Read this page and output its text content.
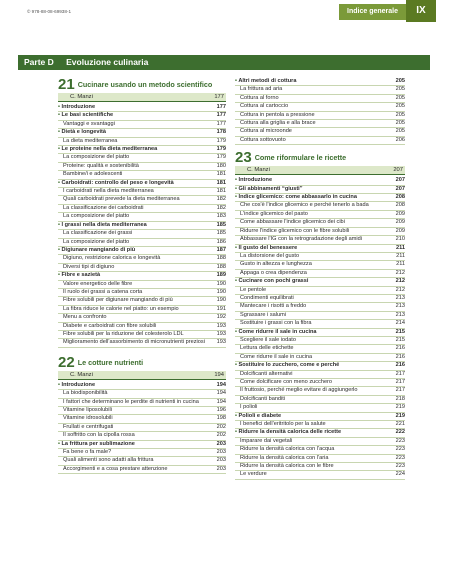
© 978-88-08-69938-1	Indice generale	IX
Parte D Evoluzione culinaria
21 Cucinare usando un metodo scientifico
C. Manzi	177
• Introduzione	177
• Le basi scientifiche	177
Vantaggi e svantaggi	177
• Dietà e longevità	178
La dieta mediterranea	179
• Le proteine nella dieta mediterranea	179
La composizione del piatto	179
Proteine: qualità e sostenibilità	180
Bambine/i e adolescenti	181
• Carboidrati: controllo del peso e longevità	181
I carboidrati nella dieta mediterranea	181
Quali carboidrati prevede la dieta mediterranea	182
La classificazione dei carboidrati	182
La composizione del piatto	183
• I grassi nella dieta mediterranea	185
La classificazione dei grassi	185
La composizione del piatto	186
• Digiunare mangiando di più	187
Digiuno, restrizione calorica e longevità	188
Diversi tipi di digiuno	188
• Fibre e sazietà	189
Valore energetico delle fibre	190
Il ruolo dei grassi a catena corta	190
Fibre solubili per digiunare mangiando di più	190
La fibra riduce le calorie nel piatto: un esempio	191
Menu a confronto	192
Diabete e carboidrati con fibre solubili	193
Fibre solubili per la riduzione del colesterolo LDL	193
Miglioramento dell'assorbimento di micronutrienti preziosi	193
22 Le cotture nutrienti
C. Manzi	194
• Introduzione	194
La biodisponibilità	194
I fattori che determinano le perdite di nutrienti in cucina	194
Vitamine liposolubili	196
Vitamine idrosolubili	198
Frullati e centrifugati	202
Il soffritto con la cipolla rossa	202
• La frittura per sublimazione	203
Fa bene o fa male?	203
Quali alimenti sono adatti alla frittura	203
Accorgimenti e a cosa prestare attenzione	203
• Altri metodi di cottura	205
La frittura ad aria	205
Cottura al forno	205
Cottura al cartoccio	205
Cottura in pentola a pressione	205
Cottura alla griglia e alla brace	205
Cottura al microonde	205
Cottura sottovuoto	206
23 Come riformulare le ricette
C. Manzi	207
• Introduzione	207
• Gli abbinamenti “giusti”	207
• Indice glicemico: come abbassarlo in cucina	208
Che cos'è l'indice glicemico e perché tenerlo a bada	208
L'indice glicemico del pasto	209
Come abbassare l'indice glicemico dei cibi	209
Ridurre l'indice glicemico con le fibre solubili	209
Abbassare l'IG con la retrogradazione degli amidi	210
• Il gusto del benessere	211
La distorsione del gusto	211
Gusto in altezza e lunghezza	211
Appaga o crea dipendenza	212
• Cucinare con pochi grassi	212
Le pentole	212
Condimenti equilibrati	213
Mantecare i risotti a freddo	213
Sgrassare i salumi	213
Sostituire i grassi con la fibra	214
• Come ridurre il sale in cucina	215
Scegliere il sale iodato	215
Lettura delle etichette	216
Come ridurre il sale in cucina	216
• Sostituire lo zucchero, come e perché	216
Dolcificanti alternativi	217
Come dolcificare con meno zucchero	217
Il fruttosio, perché meglio evitare di aggiungerlo	217
Dolcificanti banditi	218
I polioli	219
• Polioli e diabete	219
I benefici dell'eritritolo per la salute	221
• Ridurre la densità calorica delle ricette	222
Imparare dai vegetali	223
Ridurre la densità calorica con l'acqua	223
Ridurre la densità calorica con l'aria	223
Ridurre la densità calorica con le fibre	223
Le verdure	224
